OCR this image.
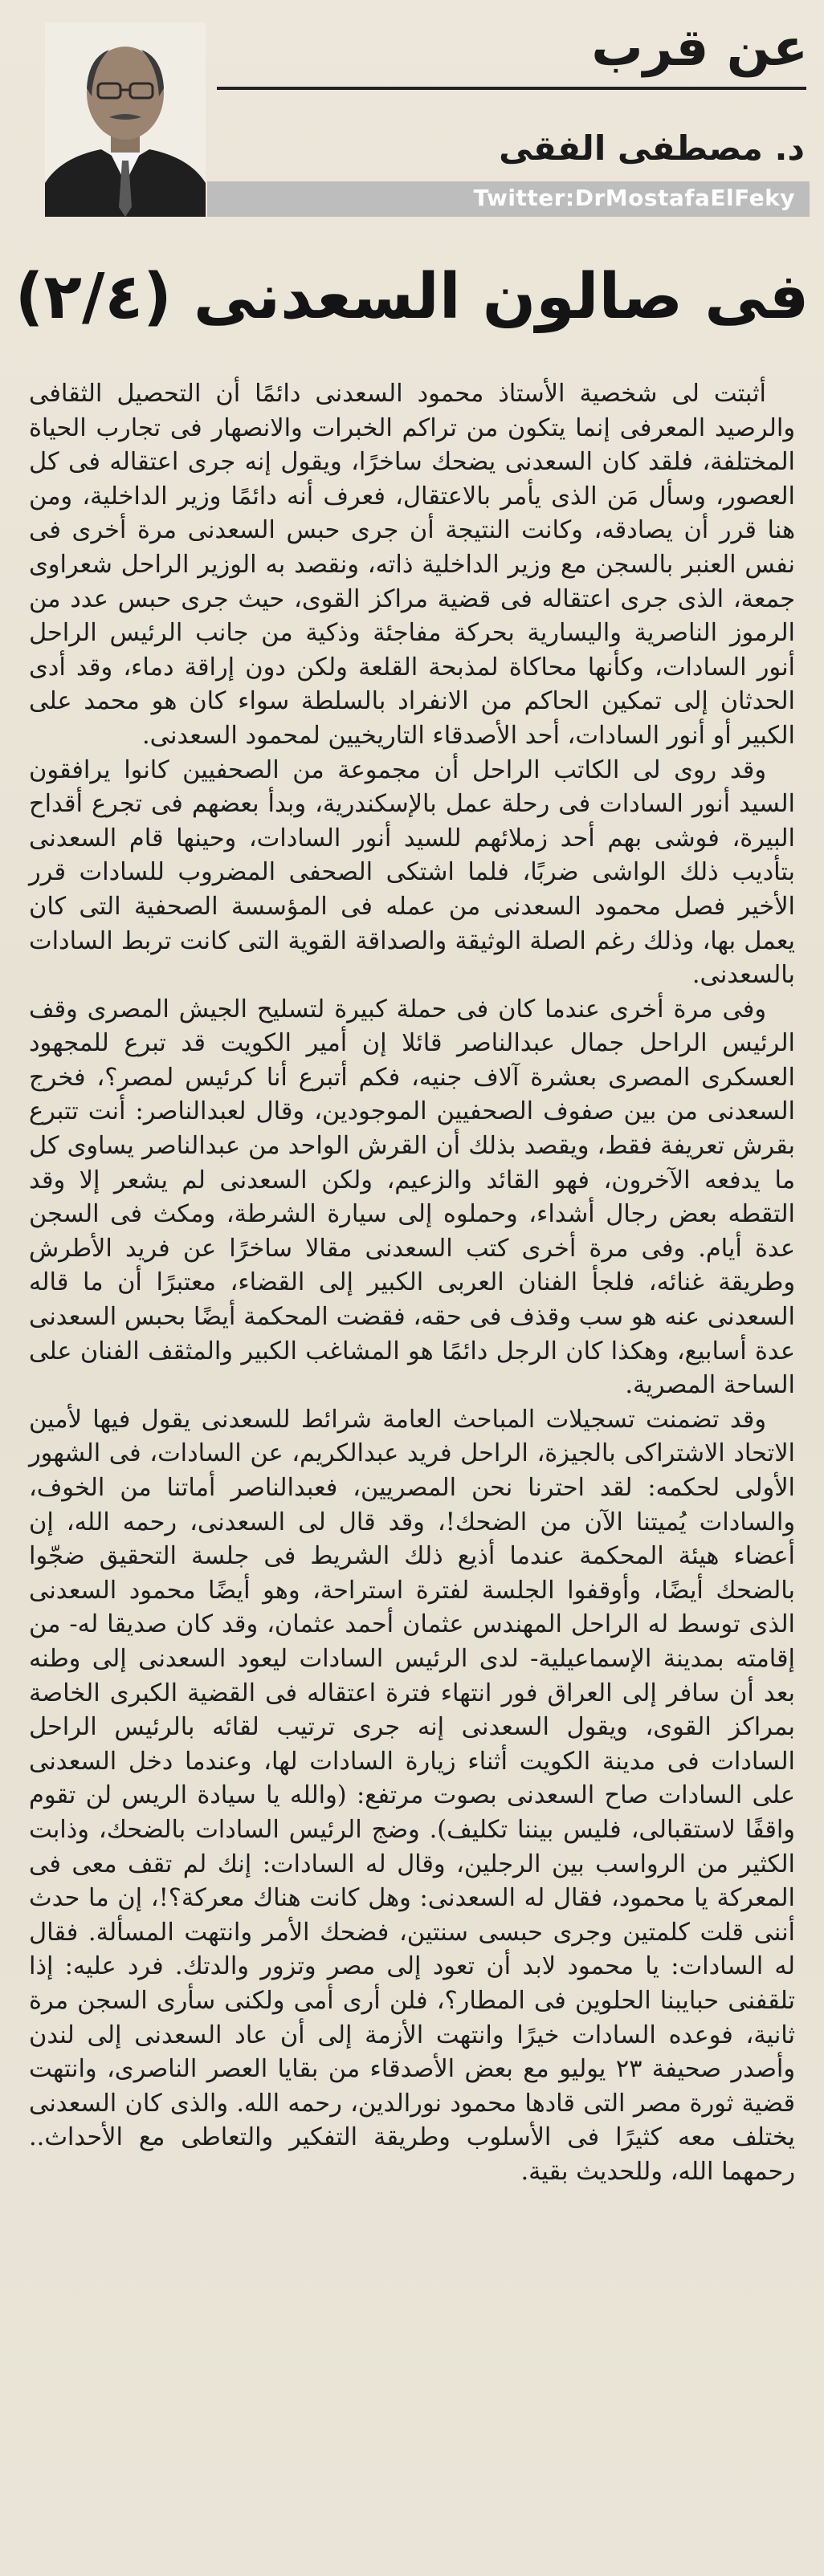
عن قرب
د. مصطفى الفقى
Twitter:DrMostafaElFeky
فى صالون السعدنى (٢/٤)

أثبتت لى شخصية الأستاذ محمود السعدنى دائمًا أن التحصيل الثقافى والرصيد المعرفى إنما يتكون من تراكم الخبرات والانصهار فى تجارب الحياة المختلفة، فلقد كان السعدنى يضحك ساخرًا، ويقول إنه جرى اعتقاله فى كل العصور، وسأل مَن الذى يأمر بالاعتقال، فعرف أنه دائمًا وزير الداخلية، ومن هنا قرر أن يصادقه، وكانت النتيجة أن جرى حبس السعدنى مرة أخرى فى نفس العنبر بالسجن مع وزير الداخلية ذاته، ونقصد به الوزير الراحل شعراوى جمعة، الذى جرى اعتقاله فى قضية مراكز القوى، حيث جرى حبس عدد من الرموز الناصرية واليسارية بحركة مفاجئة وذكية من جانب الرئيس الراحل أنور السادات، وكأنها محاكاة لمذبحة القلعة ولكن دون إراقة دماء، وقد أدى الحدثان إلى تمكين الحاكم من الانفراد بالسلطة سواء كان هو محمد على الكبير أو أنور السادات، أحد الأصدقاء التاريخيين لمحمود السعدنى.

وقد روى لى الكاتب الراحل أن مجموعة من الصحفيين كانوا يرافقون السيد أنور السادات فى رحلة عمل بالإسكندرية، وبدأ بعضهم فى تجرع أقداح البيرة، فوشى بهم أحد زملائهم للسيد أنور السادات، وحينها قام السعدنى بتأديب ذلك الواشى ضربًا، فلما اشتكى الصحفى المضروب للسادات قرر الأخير فصل محمود السعدنى من عمله فى المؤسسة الصحفية التى كان يعمل بها، وذلك رغم الصلة الوثيقة والصداقة القوية التى كانت تربط السادات بالسعدنى.

وفى مرة أخرى عندما كان فى حملة كبيرة لتسليح الجيش المصرى وقف الرئيس الراحل جمال عبدالناصر قائلا إن أمير الكويت قد تبرع للمجهود العسكرى المصرى بعشرة آلاف جنيه، فكم أتبرع أنا كرئيس لمصر؟، فخرج السعدنى من بين صفوف الصحفيين الموجودين، وقال لعبدالناصر: أنت تتبرع بقرش تعريفة فقط، ويقصد بذلك أن القرش الواحد من عبدالناصر يساوى كل ما يدفعه الآخرون، فهو القائد والزعيم، ولكن السعدنى لم يشعر إلا وقد التقطه بعض رجال أشداء، وحملوه إلى سيارة الشرطة، ومكث فى السجن عدة أيام. وفى مرة أخرى كتب السعدنى مقالا ساخرًا عن فريد الأطرش وطريقة غنائه، فلجأ الفنان العربى الكبير إلى القضاء، معتبرًا أن ما قاله السعدنى عنه هو سب وقذف فى حقه، فقضت المحكمة أيضًا بحبس السعدنى عدة أسابيع، وهكذا كان الرجل دائمًا هو المشاغب الكبير والمثقف الفنان على الساحة المصرية.

وقد تضمنت تسجيلات المباحث العامة شرائط للسعدنى يقول فيها لأمين الاتحاد الاشتراكى بالجيزة، الراحل فريد عبدالكريم، عن السادات، فى الشهور الأولى لحكمه: لقد احترنا نحن المصريين، فعبدالناصر أماتنا من الخوف، والسادات يُميتنا الآن من الضحك!، وقد قال لى السعدنى، رحمه الله، إن أعضاء هيئة المحكمة عندما أذيع ذلك الشريط فى جلسة التحقيق ضجّوا بالضحك أيضًا، وأوقفوا الجلسة لفترة استراحة، وهو أيضًا محمود السعدنى الذى توسط له الراحل المهندس عثمان أحمد عثمان، وقد كان صديقا له- من إقامته بمدينة الإسماعيلية- لدى الرئيس السادات ليعود السعدنى إلى وطنه بعد أن سافر إلى العراق فور انتهاء فترة اعتقاله فى القضية الكبرى الخاصة بمراكز القوى، ويقول السعدنى إنه جرى ترتيب لقائه بالرئيس الراحل السادات فى مدينة الكويت أثناء زيارة السادات لها، وعندما دخل السعدنى على السادات صاح السعدنى بصوت مرتفع: (والله يا سيادة الريس لن تقوم واقفًا لاستقبالى، فليس بيننا تكليف). وضج الرئيس السادات بالضحك، وذابت الكثير من الرواسب بين الرجلين، وقال له السادات: إنك لم تقف معى فى المعركة يا محمود، فقال له السعدنى: وهل كانت هناك معركة؟!، إن ما حدث أننى قلت كلمتين وجرى حبسى سنتين، فضحك الأمر وانتهت المسألة. فقال له السادات: يا محمود لابد أن تعود إلى مصر وتزور والدتك. فرد عليه: إذا تلقفنى حبايبنا الحلوين فى المطار؟، فلن أرى أمى ولكنى سأرى السجن مرة ثانية، فوعده السادات خيرًا وانتهت الأزمة إلى أن عاد السعدنى إلى لندن وأصدر صحيفة ٢٣ يوليو مع بعض الأصدقاء من بقايا العصر الناصرى، وانتهت قضية ثورة مصر التى قادها محمود نورالدين، رحمه الله. والذى كان السعدنى يختلف معه كثيرًا فى الأسلوب وطريقة التفكير والتعاطى مع الأحداث.. رحمهما الله، وللحديث بقية.
